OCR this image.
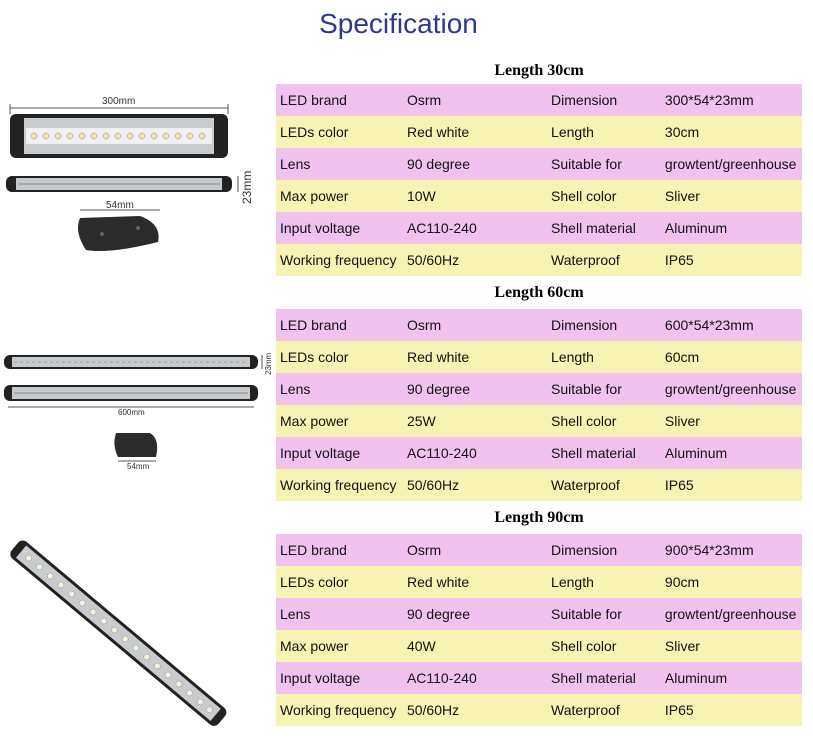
Specification
Length 30cm
LED brand	Osrm	Dimension	300*54*23mm
LEDs color	Red white	Length	30cm
Lens	90 degree	Suitable for	growtent/greenhouse
Max power	10W	Shell color	Sliver
Input voltage	AC110-240	Shell material	Aluminum
Working frequency	50/60Hz	Waterproof	IP65
Length 60cm
LED brand	Osrm	Dimension	600*54*23mm
LEDs color	Red white	Length	60cm
Lens	90 degree	Suitable for	growtent/greenhouse
Max power	25W	Shell color	Sliver
Input voltage	AC110-240	Shell material	Aluminum
Working frequency	50/60Hz	Waterproof	IP65
Length 90cm
LED brand	Osrm	Dimension	900*54*23mm
LEDs color	Red white	Length	90cm
Lens	90 degree	Suitable for	growtent/greenhouse
Max power	40W	Shell color	Sliver
Input voltage	AC110-240	Shell material	Aluminum
Working frequency	50/60Hz	Waterproof	IP65
300mm
54mm
23mm
600mm
54mm
23mm
